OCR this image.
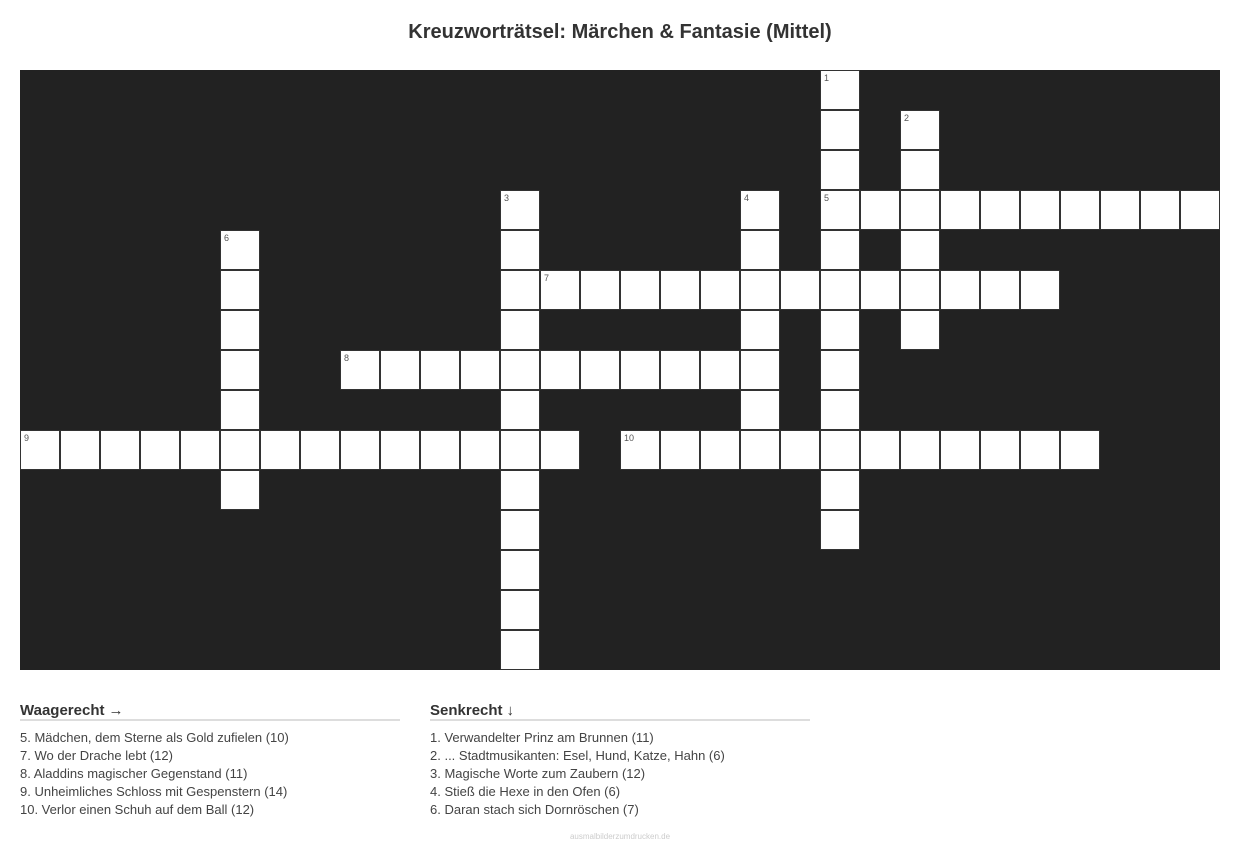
Kreuzworträtsel: Märchen & Fantasie (Mittel)
1
5
2
3	4
6
7
8
9	10
Waagerecht →
5. Mädchen, dem Sterne als Gold zufielen (10)
7. Wo der Drache lebt (12)
8. Aladdins magischer Gegenstand (11)
9. Unheimliches Schloss mit Gespenstern (14)
10. Verlor einen Schuh auf dem Ball (12)
Senkrecht ↓
1. Verwandelter Prinz am Brunnen (11)
2. ... Stadtmusikanten: Esel, Hund, Katze, Hahn (6)
3. Magische Worte zum Zaubern (12)
4. Stieß die Hexe in den Ofen (6)
6. Daran stach sich Dornröschen (7)
ausmalbilderzumdrucken.de
